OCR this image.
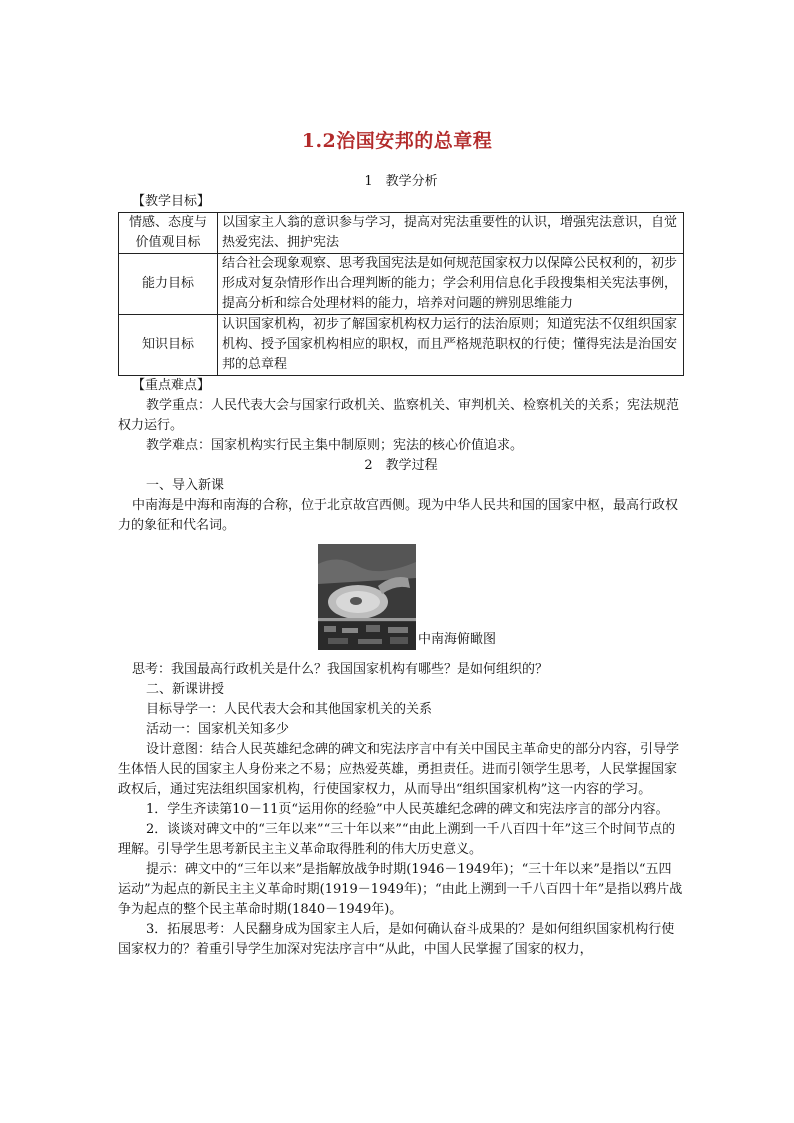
1.2治国安邦的总章程
1　教学分析
【教学目标】
情感、态度与价值观目标	以国家主人翁的意识参与学习，提高对宪法重要性的认识，增强宪法意识，自觉热爱宪法、拥护宪法
能力目标	结合社会现象观察、思考我国宪法是如何规范国家权力以保障公民权利的，初步形成对复杂情形作出合理判断的能力；学会利用信息化手段搜集相关宪法事例，提高分析和综合处理材料的能力，培养对问题的辨别思维能力
知识目标	认识国家机构，初步了解国家机构权力运行的法治原则；知道宪法不仅组织国家机构、授予国家机构相应的职权，而且严格规范职权的行使；懂得宪法是治国安邦的总章程
【重点难点】

教学重点：人民代表大会与国家行政机关、监察机关、审判机关、检察机关的关系；宪法规范权力运行。

教学难点：国家机构实行民主集中制原则；宪法的核心价值追求。

2　教学过程
一、导入新课

中南海是中海和南海的合称，位于北京故宫西侧。现为中华人民共和国的国家中枢，最高行政权力的象征和代名词。

中南海俯瞰图

思考：我国最高行政机关是什么？我国国家机构有哪些？是如何组织的？

二、新课讲授
目标导学一：人民代表大会和其他国家机关的关系
活动一：国家机关知多少

设计意图：结合人民英雄纪念碑的碑文和宪法序言中有关中国民主革命史的部分内容，引导学生体悟人民的国家主人身份来之不易；应热爱英雄，勇担责任。进而引领学生思考，人民掌握国家政权后，通过宪法组织国家机构，行使国家权力，从而导出“组织国家机构”这一内容的学习。

1．学生齐读第10－11页“运用你的经验”中人民英雄纪念碑的碑文和宪法序言的部分内容。

2．谈谈对碑文中的“三年以来”“三十年以来”“由此上溯到一千八百四十年”这三个时间节点的理解。引导学生思考新民主主义革命取得胜利的伟大历史意义。

提示：碑文中的“三年以来”是指解放战争时期(1946－1949年)；“三十年以来”是指以“五四运动”为起点的新民主主义革命时期(1919－1949年)；“由此上溯到一千八百四十年”是指以鸦片战争为起点的整个民主革命时期(1840－1949年)。

3．拓展思考：人民翻身成为国家主人后，是如何确认奋斗成果的？是如何组织国家机构行使国家权力的？着重引导学生加深对宪法序言中“从此，中国人民掌握了国家的权力，
